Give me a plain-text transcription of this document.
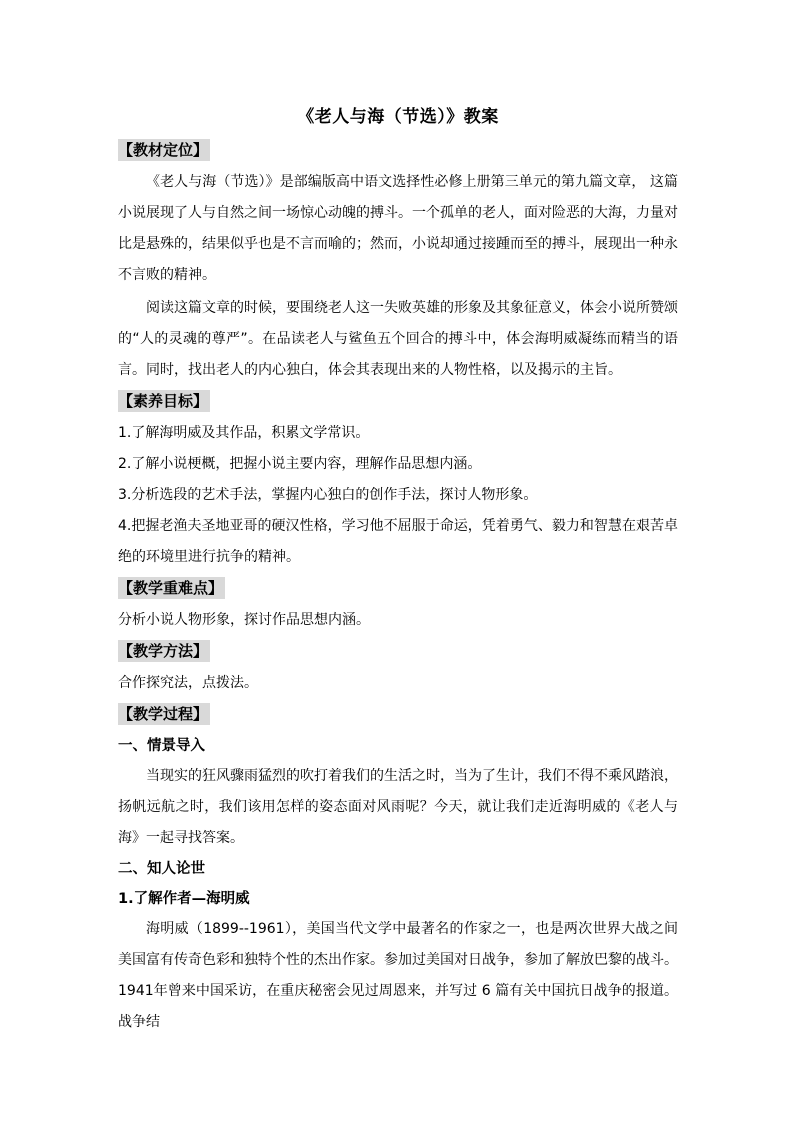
《老人与海（节选）》教案
【教材定位】

《老人与海（节选）》是部编版高中语文选择性必修上册第三单元的第九篇文章， 这篇小说展现了人与自然之间一场惊心动魄的搏斗。一个孤单的老人，面对险恶的大海，力量对比是悬殊的，结果似乎也是不言而喻的；然而，小说却通过接踵而至的搏斗，展现出一种永不言败的精神。

阅读这篇文章的时候，要围绕老人这一失败英雄的形象及其象征意义，体会小说所赞颂的“人的灵魂的尊严”。在品读老人与鲨鱼五个回合的搏斗中，体会海明威凝练而精当的语言。同时，找出老人的内心独白，体会其表现出来的人物性格，以及揭示的主旨。

【素养目标】

1.了解海明威及其作品，积累文学常识。

2.了解小说梗概，把握小说主要内容，理解作品思想内涵。

3.分析选段的艺术手法，掌握内心独白的创作手法，探讨人物形象。

4.把握老渔夫圣地亚哥的硬汉性格，学习他不屈服于命运，凭着勇气、毅力和智慧在艰苦卓绝的环境里进行抗争的精神。

【教学重难点】

分析小说人物形象，探讨作品思想内涵。

【教学方法】

合作探究法，点拨法。

【教学过程】

一、情景导入

当现实的狂风骤雨猛烈的吹打着我们的生活之时，当为了生计，我们不得不乘风踏浪，扬帆远航之时，我们该用怎样的姿态面对风雨呢？今天，就让我们走近海明威的《老人与海》一起寻找答案。

二、知人论世

1.了解作者—海明威

海明威（1899--1961），美国当代文学中最著名的作家之一，也是两次世界大战之间美国富有传奇色彩和独特个性的杰出作家。参加过美国对日战争，参加了解放巴黎的战斗。1941年曾来中国采访，在重庆秘密会见过周恩来，并写过 6 篇有关中国抗日战争的报道。战争结
